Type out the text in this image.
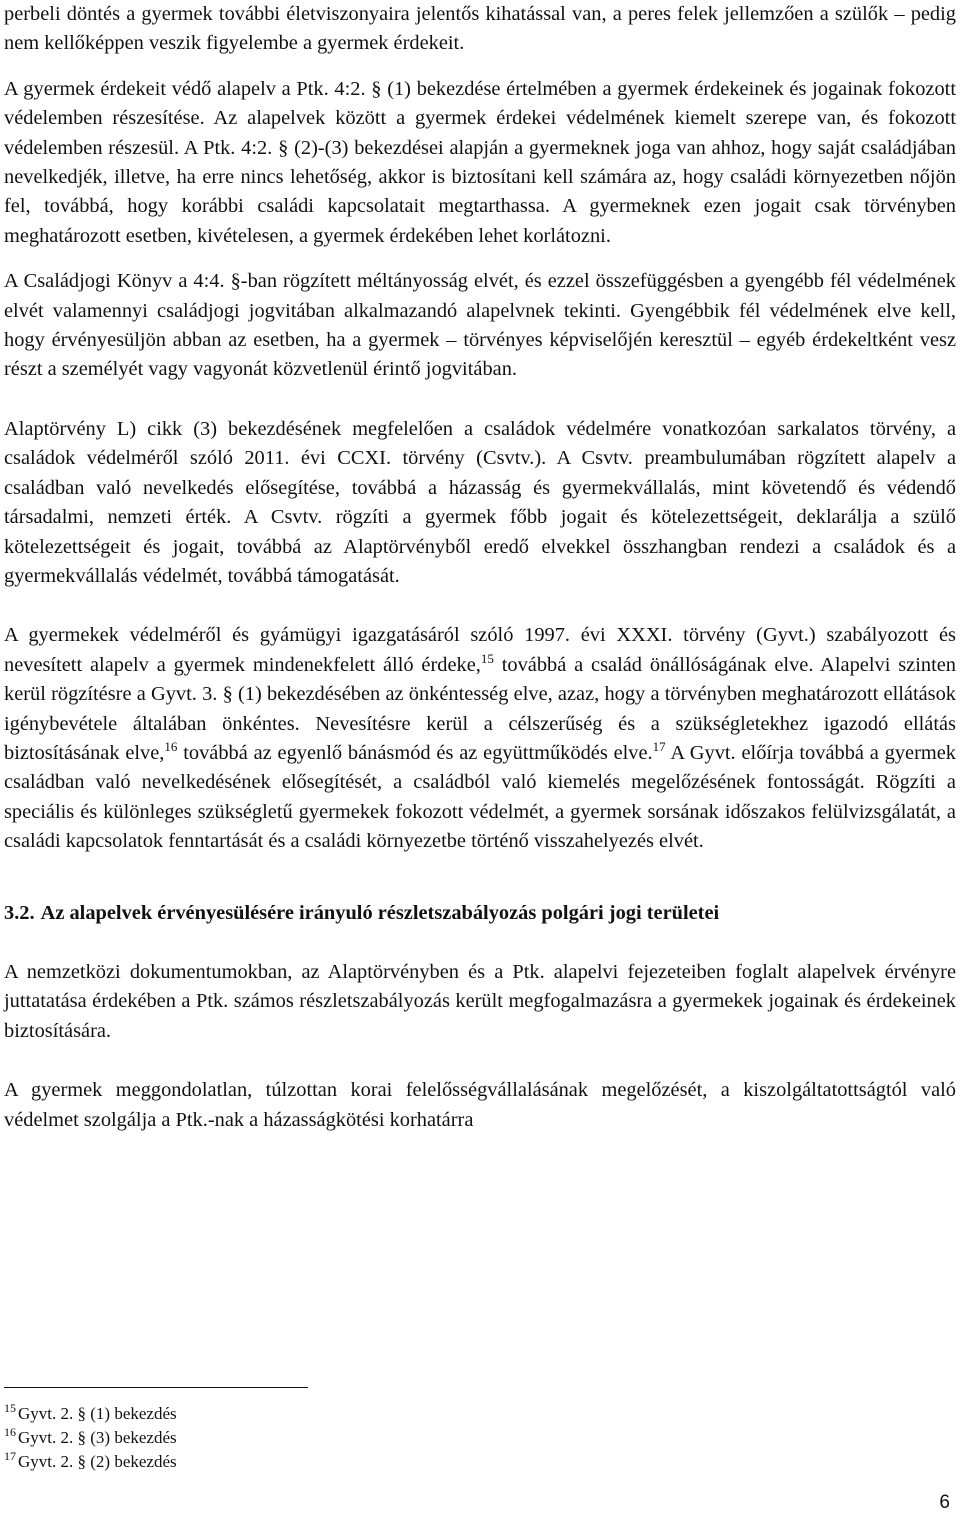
perbeli döntés a gyermek további életviszonyaira jelentős kihatással van, a peres felek jellemzően a szülők – pedig nem kellőképpen veszik figyelembe a gyermek érdekeit.

A gyermek érdekeit védő alapelv a Ptk. 4:2. § (1) bekezdése értelmében a gyermek érdekeinek és jogainak fokozott védelemben részesítése. Az alapelvek között a gyermek érdekei védelmének kiemelt szerepe van, és fokozott védelemben részesül. A Ptk. 4:2. § (2)-(3) bekezdései alapján a gyermeknek joga van ahhoz, hogy saját családjában nevelkedjék, illetve, ha erre nincs lehetőség, akkor is biztosítani kell számára az, hogy családi környezetben nőjön fel, továbbá, hogy korábbi családi kapcsolatait megtarthassa. A gyermeknek ezen jogait csak törvényben meghatározott esetben, kivételesen, a gyermek érdekében lehet korlátozni.

A Családjogi Könyv a 4:4. §-ban rögzített méltányosság elvét, és ezzel összefüggésben a gyengébb fél védelmének elvét valamennyi családjogi jogvitában alkalmazandó alapelvnek tekinti. Gyengébbik fél védelmének elve kell, hogy érvényesüljön abban az esetben, ha a gyermek – törvényes képviselőjén keresztül – egyéb érdekeltként vesz részt a személyét vagy vagyonát közvetlenül érintő jogvitában.

Alaptörvény L) cikk (3) bekezdésének megfelelően a családok védelmére vonatkozóan sarkalatos törvény, a családok védelméről szóló 2011. évi CCXI. törvény (Csvtv.). A Csvtv. preambulumában rögzített alapelv a családban való nevelkedés elősegítése, továbbá a házasság és gyermekvállalás, mint követendő és védendő társadalmi, nemzeti érték. A Csvtv. rögzíti a gyermek főbb jogait és kötelezettségeit, deklarálja a szülő kötelezettségeit és jogait, továbbá az Alaptörvényből eredő elvekkel összhangban rendezi a családok és a gyermekvállalás védelmét, továbbá támogatását.

A gyermekek védelméről és gyámügyi igazgatásáról szóló 1997. évi XXXI. törvény (Gyvt.) szabályozott és nevesített alapelv a gyermek mindenekfelett álló érdeke,$^{15}$ továbbá a család önállóságának elve. Alapelvi szinten kerül rögzítésre a Gyvt. 3. § (1) bekezdésében az önkéntesség elve, azaz, hogy a törvényben meghatározott ellátások igénybevétele általában önkéntes. Nevesítésre kerül a célszerűség és a szükségletekhez igazodó ellátás biztosításának elve,$^{16}$ továbbá az egyenlő bánásmód és az együttműködés elve.$^{17}$ A Gyvt. előírja továbbá a gyermek családban való nevelkedésének elősegítését, a családból való kiemelés megelőzésének fontosságát. Rögzíti a speciális és különleges szükségletű gyermekek fokozott védelmét, a gyermek sorsának időszakos felülvizsgálatát, a családi kapcsolatok fenntartását és a családi környezetbe történő visszahelyezés elvét.

3.2. Az alapelvek érvényesülésére irányuló részletszabályozás polgári jogi területei

A nemzetközi dokumentumokban, az Alaptörvényben és a Ptk. alapelvi fejezeteiben foglalt alapelvek érvényre juttatatása érdekében a Ptk. számos részletszabályozás került megfogalmazásra a gyermekek jogainak és érdekeinek biztosítására.

A gyermek meggondolatlan, túlzottan korai felelősségvállalásának megelőzését, a kiszolgáltatottságtól való védelmet szolgálja a Ptk.-nak a házasságkötési korhatárra

$^{15}$ Gyvt. 2. § (1) bekezdés

$^{16}$ Gyvt. 2. § (3) bekezdés

$^{17}$ Gyvt. 2. § (2) bekezdés

6
